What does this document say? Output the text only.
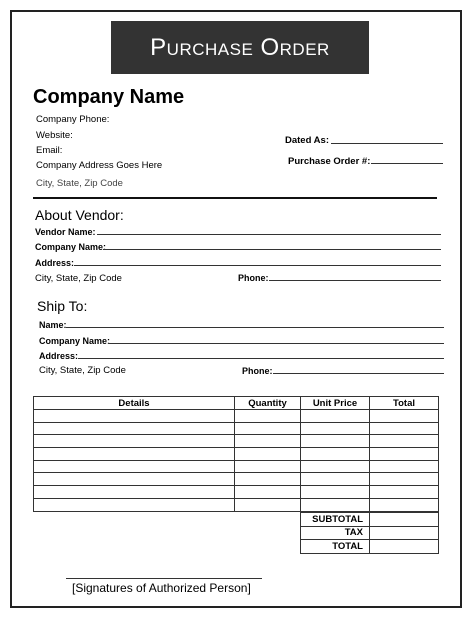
Purchase Order
Company Name
Company Phone:
Website:
Email:
Company Address Goes Here
City, State, Zip Code
Dated As:
Purchase Order #:
About Vendor:
Vendor Name:
Company Name:
Address:
City, State, Zip Code	Phone:
Ship To:
Name:
Company Name:
Address:
City, State, Zip Code	Phone:
Details	Quantity	Unit Price	Total

SUBTOTAL	
TAX	
TOTAL	
[Signatures of Authorized Person]
